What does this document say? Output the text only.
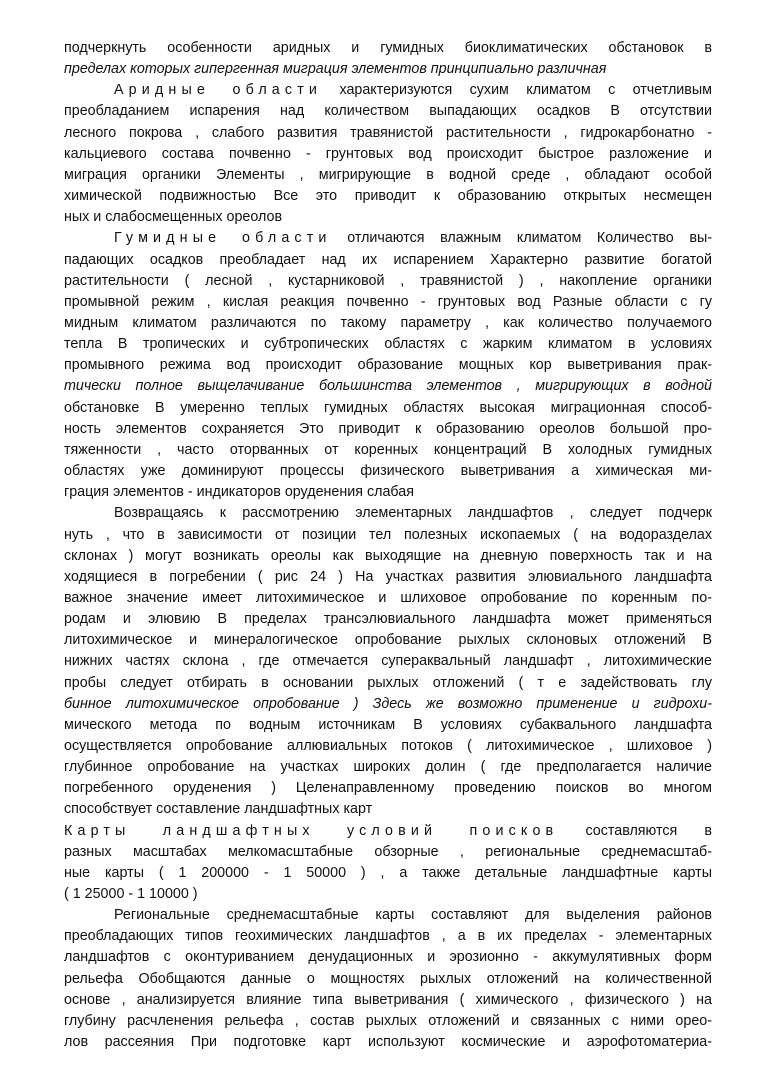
подчеркнуть особенности аридных и гумидных биоклиматических обстановок в
пределах которых гипергенная миграция элементов принципиально различная
Аридные области характеризуются сухим климатом с отчетливым
преобладанием испарения над количеством выпадающих осадков В отсутствии
лесного покрова , слабого развития травянистой растительности , гидрокарбонатно -
кальциевого состава почвенно - грунтовых вод происходит быстрое разложение и
миграция органики Элементы , мигрирующие в водной среде , обладают особой
химической подвижностью Все это приводит к образованию открытых несмещен
ных и слабосмещенных ореолов
Гумидные области отличаются влажным климатом Количество вы-
падающих осадков преобладает над их испарением Характерно развитие богатой
растительности ( лесной , кустарниковой , травянистой ) , накопление органики
промывной режим , кислая реакция почвенно - грунтовых вод Разные области с гу
мидным климатом различаются по такому параметру , как количество получаемого
тепла В тропических и субтропических областях с жарким климатом в условиях
промывного режима вод происходит образование мощных кор выветривания прак-
тически полное выщелачивание большинства элементов , мигрирующих в водной
обстановке В умеренно теплых гумидных областях высокая миграционная способ-
ность элементов сохраняется Это приводит к образованию ореолов большой про-
тяженности , часто оторванных от коренных концентраций В холодных гумидных
областях уже доминируют процессы физического выветривания а химическая ми-
грация элементов - индикаторов оруденения слабая
Возвращаясь к рассмотрению элементарных ландшафтов , следует подчерк
нуть , что в зависимости от позиции тел полезных ископаемых ( на водоразделах
склонах ) могут возникать ореолы как выходящие на дневную поверхность так и на
ходящиеся в погребении ( рис 24 ) На участках развития элювиального ландшафта
важное значение имеет литохимическое и шлиховое опробование по коренным по-
родам и элювию В пределах трансэлювиального ландшафта может применяться
литохимическое и минералогическое опробование рыхлых склоновых отложений В
нижних частях склона , где отмечается супераквальный ландшафт , литохимические
пробы следует отбирать в основании рыхлых отложений ( т е задействовать глу
бинное литохимическое опробование ) Здесь же возможно применение и гидрохи-
мического метода по водным источникам В условиях субаквального ландшафта
осуществляется опробование аллювиальных потоков ( литохимическое , шлиховое )
глубинное опробование на участках широких долин ( где предполагается наличие
погребенного оруденения ) Целенаправленному проведению поисков во многом
способствует составление ландшафтных карт
Карты ландшафтных условий поисков составляются в
разных масштабах мелкомасштабные обзорные , региональные среднемасштаб-
ные карты ( 1 200000 - 1 50000 ) , а также детальные ландшафтные карты
( 1 25000 - 1 10000 )
Региональные среднемасштабные карты составляют для выделения районов
преобладающих типов геохимических ландшафтов , а в их пределах - элементарных
ландшафтов с оконтуриванием денудационных и эрозионно - аккумулятивных форм
рельефа Обобщаются данные о мощностях рыхлых отложений на количественной
основе , анализируется влияние типа выветривания ( химического , физического ) на
глубину расчленения рельефа , состав рыхлых отложений и связанных с ними орео-
лов рассеяния При подготовке карт используют космические и аэрофотоматериа-
